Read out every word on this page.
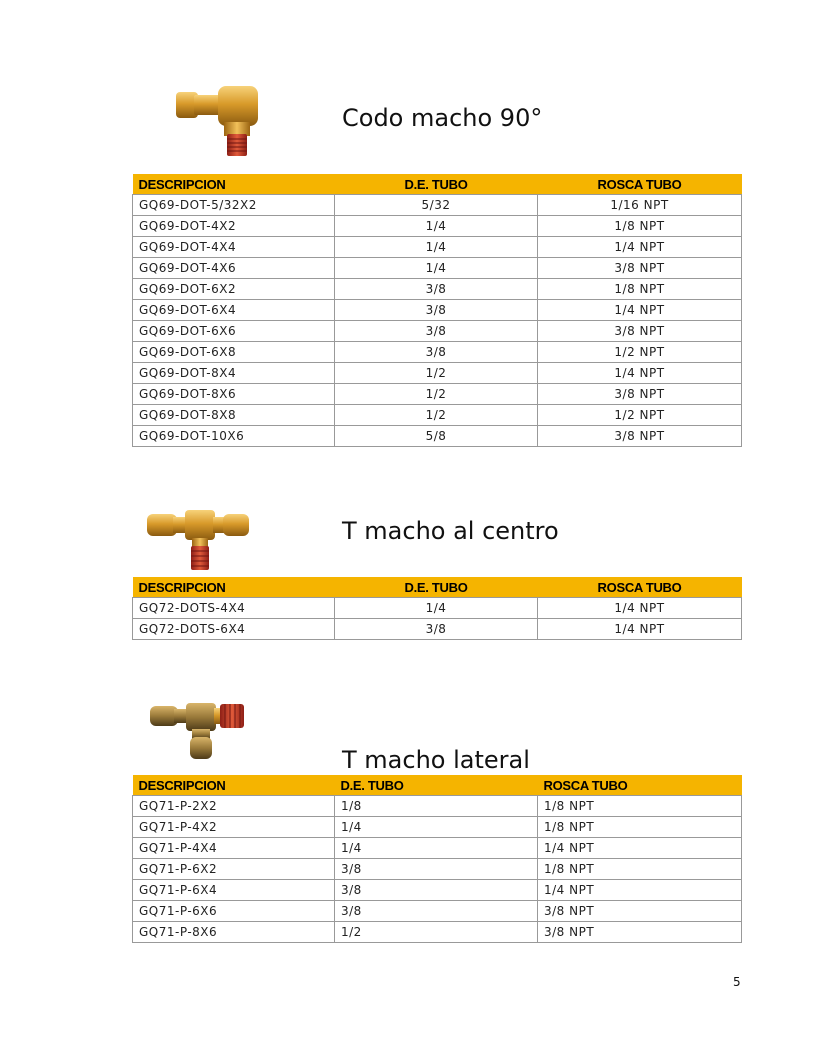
Codo macho 90°
DESCRIPCION	D.E. TUBO	ROSCA TUBO
GQ69-DOT-5/32X2	5/32	1/16 NPT
GQ69-DOT-4X2	1/4	1/8 NPT
GQ69-DOT-4X4	1/4	1/4 NPT
GQ69-DOT-4X6	1/4	3/8 NPT
GQ69-DOT-6X2	3/8	1/8 NPT
GQ69-DOT-6X4	3/8	1/4 NPT
GQ69-DOT-6X6	3/8	3/8 NPT
GQ69-DOT-6X8	3/8	1/2 NPT
GQ69-DOT-8X4	1/2	1/4 NPT
GQ69-DOT-8X6	1/2	3/8 NPT
GQ69-DOT-8X8	1/2	1/2 NPT
GQ69-DOT-10X6	5/8	3/8 NPT
T macho al centro
DESCRIPCION	D.E. TUBO	ROSCA TUBO
GQ72-DOTS-4X4	1/4	1/4 NPT
GQ72-DOTS-6X4	3/8	1/4 NPT
T macho lateral
DESCRIPCION	D.E. TUBO	ROSCA TUBO
GQ71-P-2X2	1/8	1/8 NPT
GQ71-P-4X2	1/4	1/8 NPT
GQ71-P-4X4	1/4	1/4 NPT
GQ71-P-6X2	3/8	1/8 NPT
GQ71-P-6X4	3/8	1/4 NPT
GQ71-P-6X6	3/8	3/8 NPT
GQ71-P-8X6	1/2	3/8 NPT
5
